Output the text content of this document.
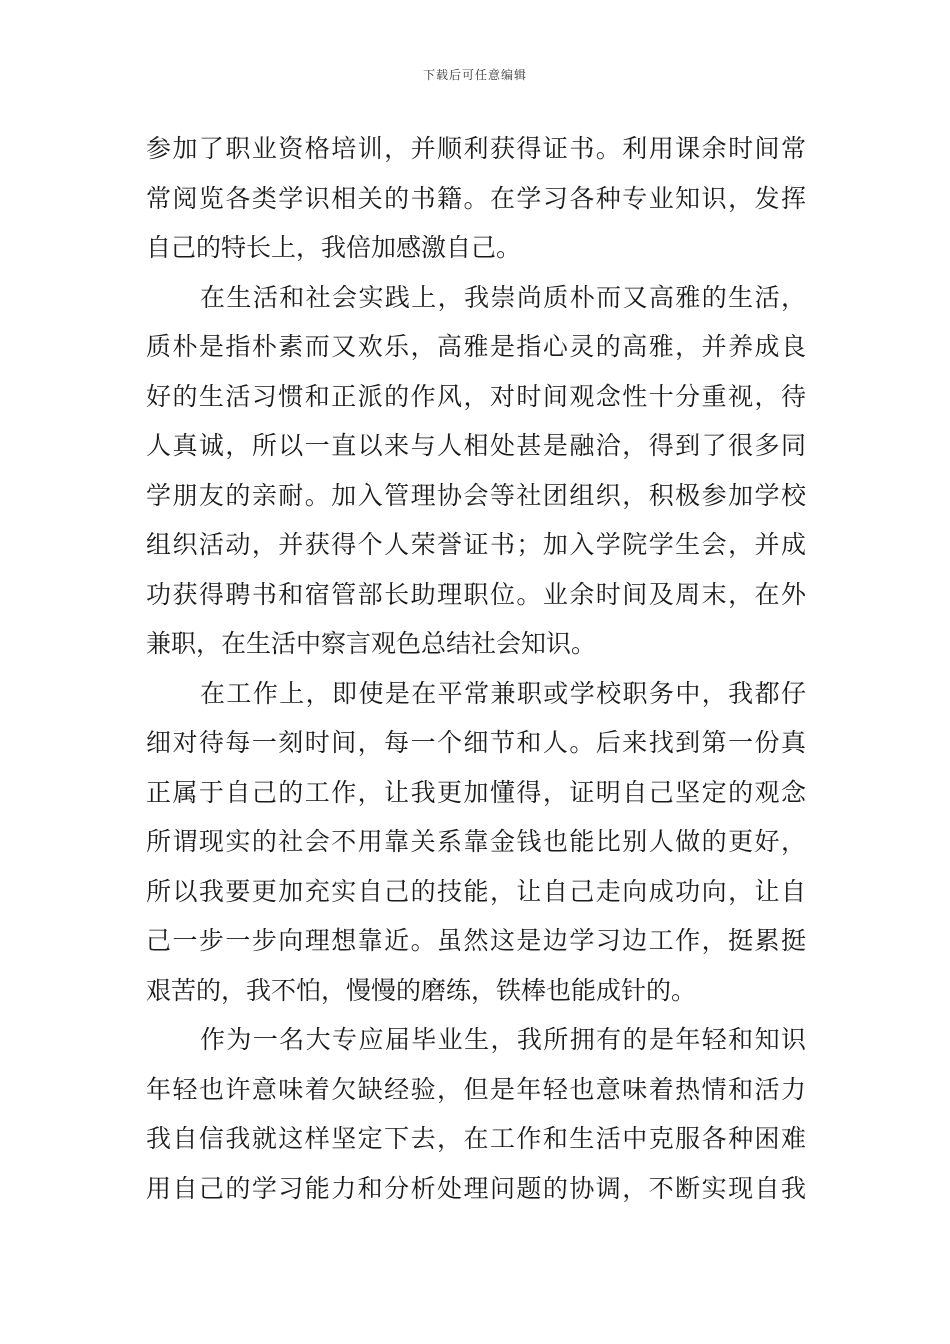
下载后可任意编辑
参加了职业资格培训，并顺利获得证书。利用课余时间常
常阅览各类学识相关的书籍。在学习各种专业知识，发挥
自己的特长上，我倍加感激自己。
在生活和社会实践上，我崇尚质朴而又高雅的生活，
质朴是指朴素而又欢乐，高雅是指心灵的高雅，并养成良
好的生活习惯和正派的作风，对时间观念性十分重视，待
人真诚，所以一直以来与人相处甚是融洽，得到了很多同
学朋友的亲耐。加入管理协会等社团组织，积极参加学校
组织活动，并获得个人荣誉证书；加入学院学生会，并成
功获得聘书和宿管部长助理职位。业余时间及周末，在外
兼职，在生活中察言观色总结社会知识。
在工作上，即使是在平常兼职或学校职务中，我都仔
细对待每一刻时间，每一个细节和人。后来找到第一份真
正属于自己的工作，让我更加懂得，证明自己坚定的观念
所谓现实的社会不用靠关系靠金钱也能比别人做的更好，
所以我要更加充实自己的技能，让自己走向成功向，让自
己一步一步向理想靠近。虽然这是边学习边工作，挺累挺
艰苦的，我不怕，慢慢的磨练，铁棒也能成针的。
作为一名大专应届毕业生，我所拥有的是年轻和知识
年轻也许意味着欠缺经验，但是年轻也意味着热情和活力
我自信我就这样坚定下去，在工作和生活中克服各种困难
用自己的学习能力和分析处理问题的协调，不断实现自我
